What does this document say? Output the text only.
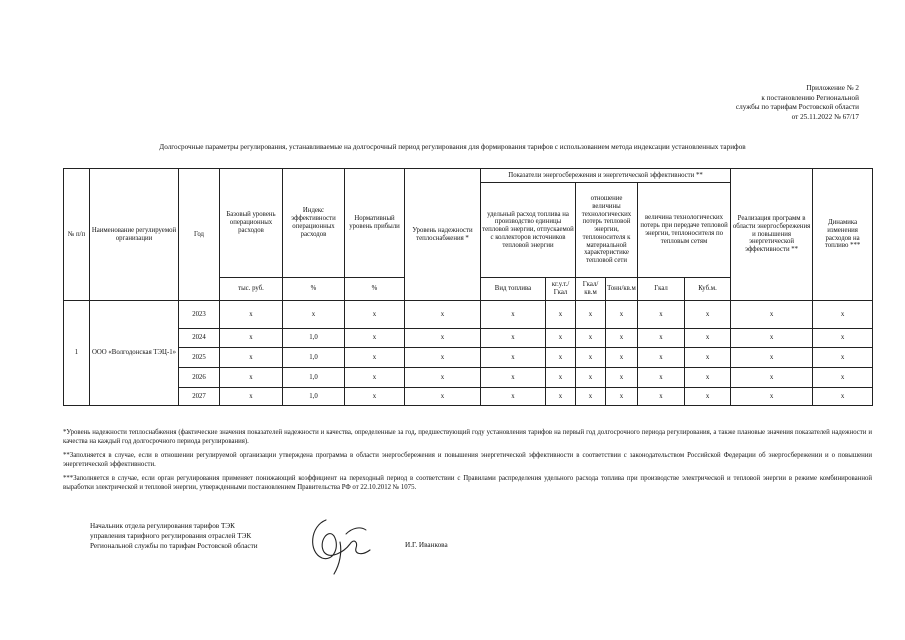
Приложение № 2
к постановлению Региональной
службы по тарифам Ростовской области
от 25.11.2022 № 67/17
Долгосрочные параметры регулирования, устанавливаемые на долгосрочный период регулирования для формирования тарифов с использованием метода индексации установленных тарифов
№ п/п	Наименование регулируемой организации	Год	Базовый уровень операционных расходов	Индекс эффективности операционных расходов	Нормативный уровень прибыли	Уровень надежности теплоснабжения *	Показатели энергосбережения и энергетической эффективности **						Реализация программ в области энергосбережения и повышения энергетической эффективности **	Динамика изменения расходов на топливо ***
							удельный расход топлива на производство единицы тепловой энергии, отпускаемой с коллекторов источников тепловой энергии		отношение величины технологических потерь тепловой энергии, теплоносителя к материальной характеристике тепловой сети		величина технологических потерь при передаче тепловой энергии, теплоносителя по тепловым сетям			
			тыс. руб.	%	%		Вид топлива	кг.у.т./Гкал	Гкал/кв.м	Тонн/кв.м	Гкал	Куб.м.		
1	ООО «Волгодонская ТЭЦ-1»	2023	х	х	х	х	х	х	х	х	х	х	х	х
		2024	х	1,0	х	х	х	х	х	х	х	х	х	х
		2025	х	1,0	х	х	х	х	х	х	х	х	х	х
		2026	х	1,0	х	х	х	х	х	х	х	х	х	х
		2027	х	1,0	х	х	х	х	х	х	х	х	х	х

*Уровень надежности теплоснабжения (фактические значения показателей надежности и качества, определенные за год, предшествующий году установления тарифов на первый год долгосрочного периода регулирования, а также плановые значения показателей надежности и качества на каждый год долгосрочного периода регулирования).

**Заполняется в случае, если в отношении регулируемой организации утверждена программа в области энергосбережения и повышения энергетической эффективности в соответствии с законодательством Российской Федерации об энергосбережении и о повышении энергетической эффективности.

***Заполняется в случае, если орган регулирования применяет понижающий коэффициент на переходный период в соответствии с Правилами распределения удельного расхода топлива при производстве электрической и тепловой энергии в режиме комбинированной выработки электрической и тепловой энергии, утвержденными постановлением Правительства РФ от 22.10.2012 № 1075.

Начальник отдела регулирования тарифов ТЭК
управления тарифного регулирования отраслей ТЭК
Региональной службы по тарифам Ростовской области	И.Г. Иванкова
